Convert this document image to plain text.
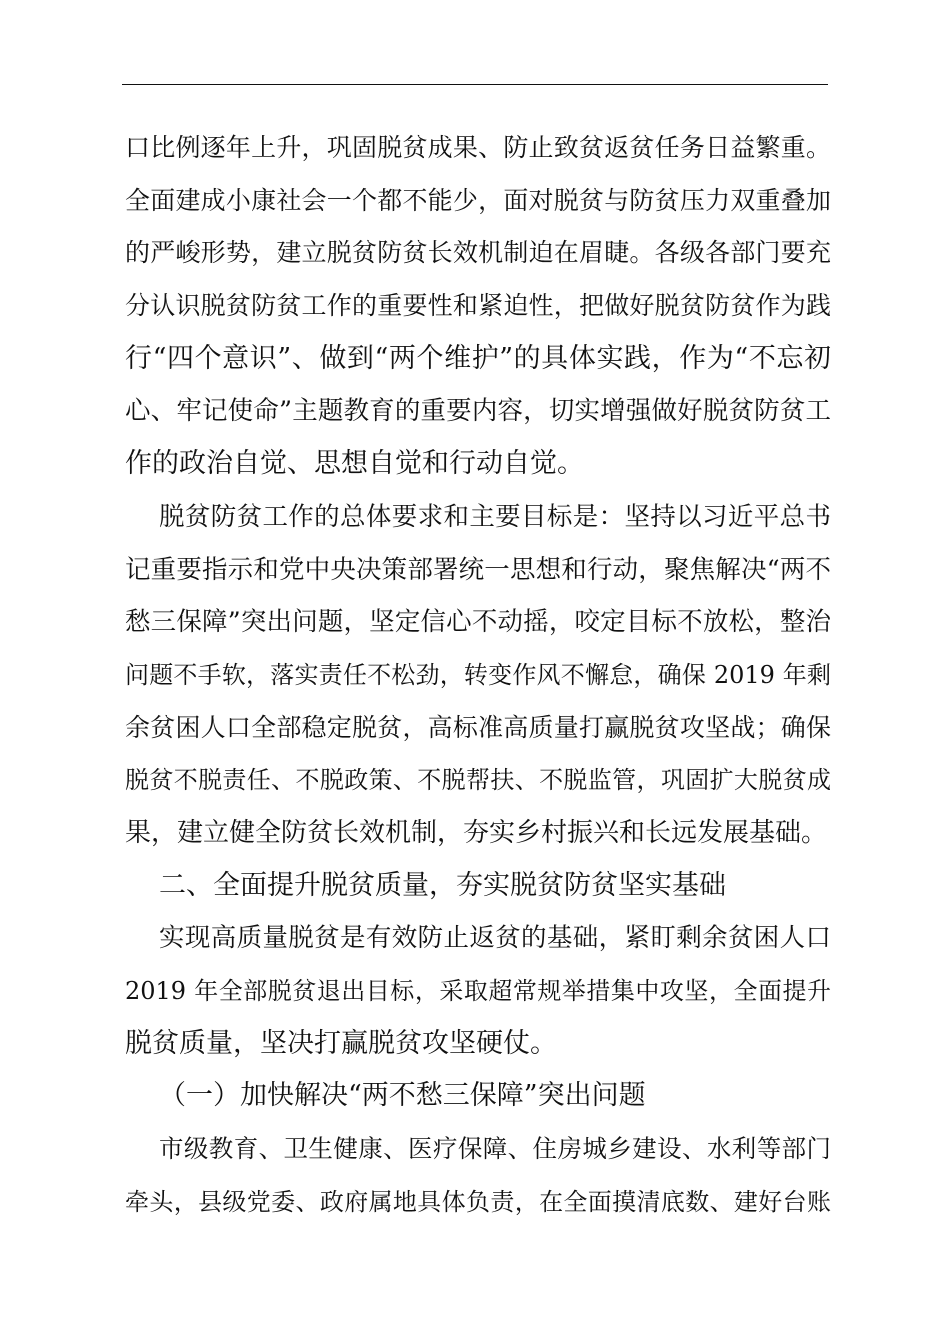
口比例逐年上升，巩固脱贫成果、防止致贫返贫任务日益繁重。
全面建成小康社会一个都不能少，面对脱贫与防贫压力双重叠加
的严峻形势，建立脱贫防贫长效机制迫在眉睫。各级各部门要充
分认识脱贫防贫工作的重要性和紧迫性，把做好脱贫防贫作为践
行“四个意识”、做到“两个维护”的具体实践，作为“不忘初
心、牢记使命”主题教育的重要内容，切实增强做好脱贫防贫工
作的政治自觉、思想自觉和行动自觉。
脱贫防贫工作的总体要求和主要目标是：坚持以习近平总书
记重要指示和党中央决策部署统一思想和行动，聚焦解决“两不
愁三保障”突出问题，坚定信心不动摇，咬定目标不放松，整治
问题不手软，落实责任不松劲，转变作风不懈怠，确保 2019 年剩
余贫困人口全部稳定脱贫，高标准高质量打赢脱贫攻坚战；确保
脱贫不脱责任、不脱政策、不脱帮扶、不脱监管，巩固扩大脱贫成
果，建立健全防贫长效机制，夯实乡村振兴和长远发展基础。
二、全面提升脱贫质量，夯实脱贫防贫坚实基础
实现高质量脱贫是有效防止返贫的基础，紧盯剩余贫困人口
2019 年全部脱贫退出目标，采取超常规举措集中攻坚，全面提升
脱贫质量，坚决打赢脱贫攻坚硬仗。
（一）加快解决“两不愁三保障”突出问题
市级教育、卫生健康、医疗保障、住房城乡建设、水利等部门
牵头，县级党委、政府属地具体负责，在全面摸清底数、建好台账
